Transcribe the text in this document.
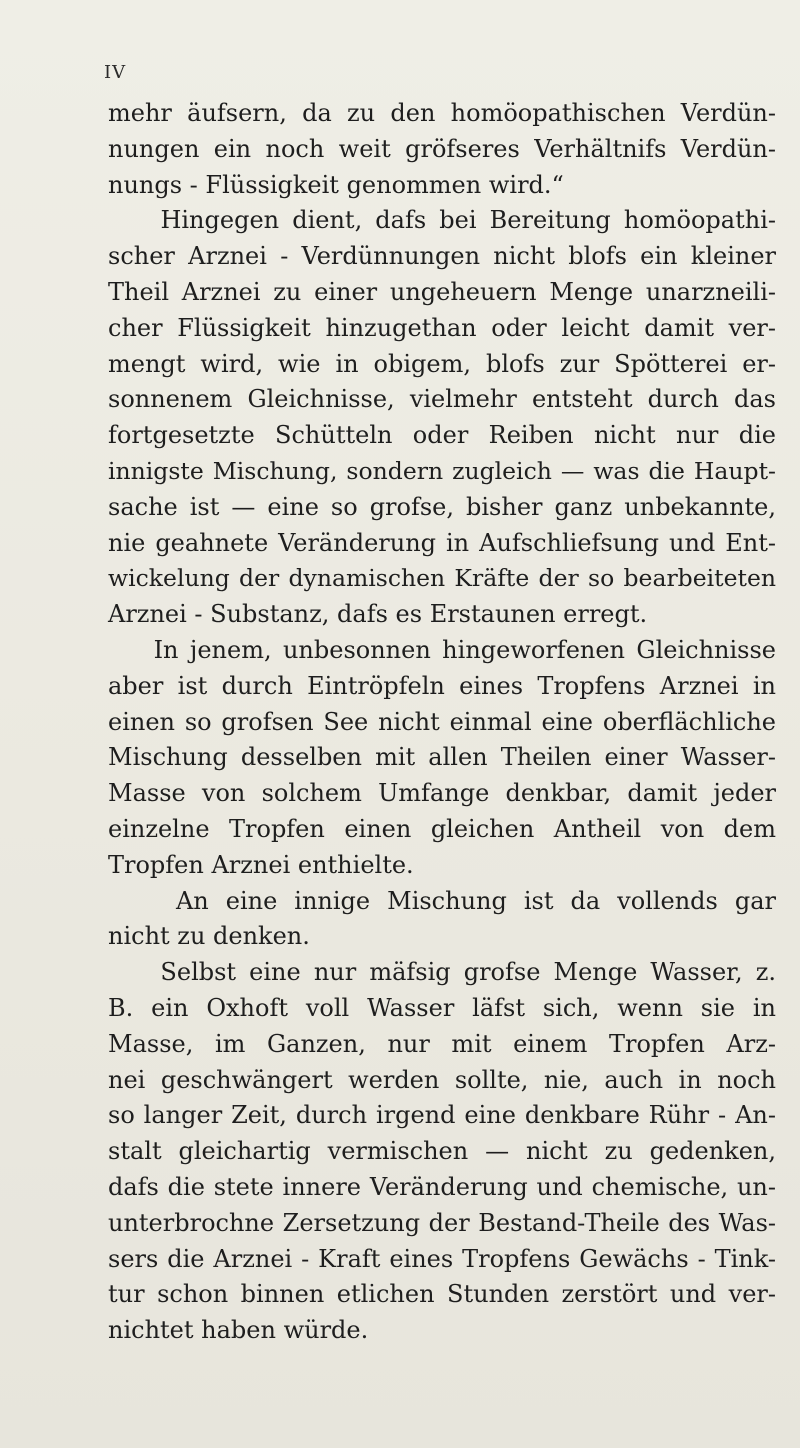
IV
mehr äufsern, da zu den homöopathischen Verdün-
nungen ein noch weit gröfseres Verhältnifs Verdün-
nungs - Flüssigkeit genommen wird.“
Hingegen dient, dafs bei Bereitung homöopathi-
scher Arznei - Verdünnungen nicht blofs ein kleiner
Theil Arznei zu einer ungeheuern Menge unarzneili-
cher Flüssigkeit hinzugethan oder leicht damit ver-
mengt wird, wie in obigem, blofs zur Spötterei er-
sonnenem Gleichnisse, vielmehr entsteht durch das
fortgesetzte Schütteln oder Reiben nicht nur die
innigste Mischung, sondern zugleich — was die Haupt-
sache ist — eine so grofse, bisher ganz unbekannte,
nie geahnete Veränderung in Aufschliefsung und Ent-
wickelung der dynamischen Kräfte der so bearbeiteten
Arznei - Substanz, dafs es Erstaunen erregt.
In jenem, unbesonnen hingeworfenen Gleichnisse
aber ist durch Eintröpfeln eines Tropfens Arznei in
einen so grofsen See nicht einmal eine oberflächliche
Mischung desselben mit allen Theilen einer Wasser-
Masse von solchem Umfange denkbar, damit jeder
einzelne Tropfen einen gleichen Antheil von dem
Tropfen Arznei enthielte.
An eine innige Mischung ist da vollends gar
nicht zu denken.
Selbst eine nur mäfsig grofse Menge Wasser, z.
B. ein Oxhoft voll Wasser läfst sich, wenn sie in
Masse, im Ganzen, nur mit einem Tropfen Arz-
nei geschwängert werden sollte, nie, auch in noch
so langer Zeit, durch irgend eine denkbare Rühr - An-
stalt gleichartig vermischen — nicht zu gedenken,
dafs die stete innere Veränderung und chemische, un-
unterbrochne Zersetzung der Bestand-Theile des Was-
sers die Arznei - Kraft eines Tropfens Gewächs - Tink-
tur schon binnen etlichen Stunden zerstört und ver-
nichtet haben würde.
